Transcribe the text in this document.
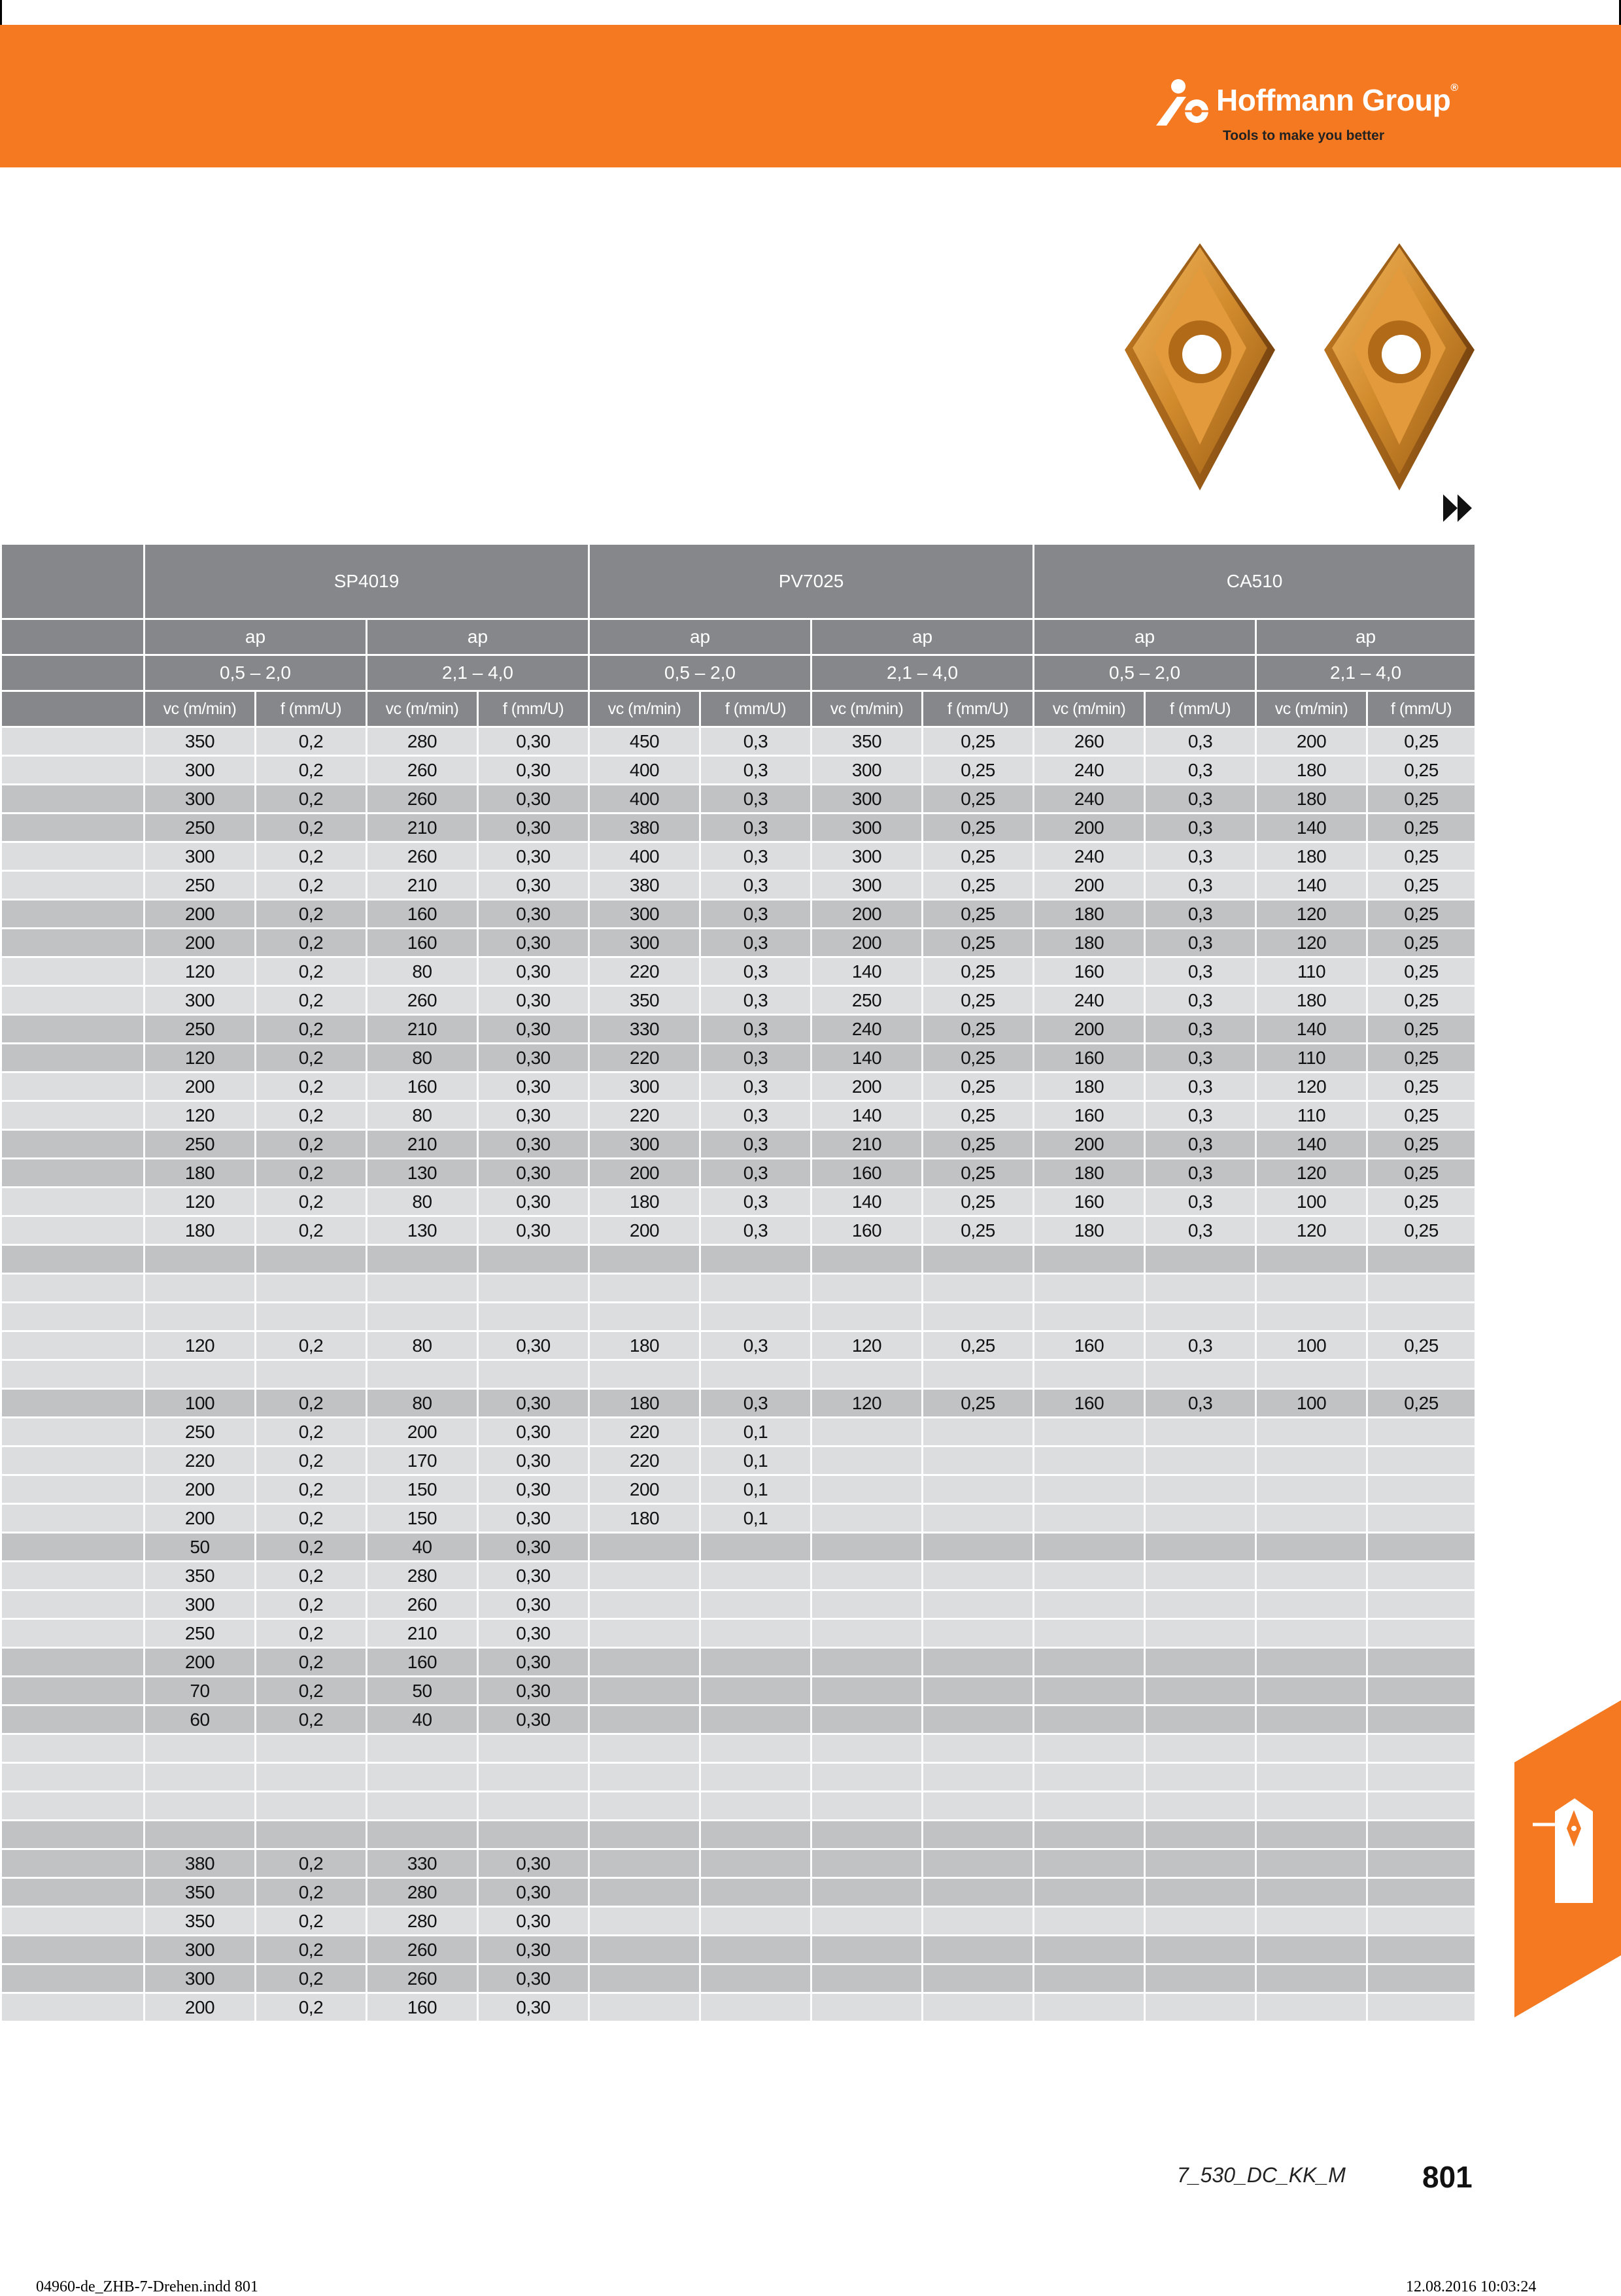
Hoffmann Group®
Tools to make you better
	SP4019				PV7025				CA510			
	ap		ap		ap		ap		ap		ap	
	0,5 – 2,0		2,1 – 4,0		0,5 – 2,0		2,1 – 4,0		0,5 – 2,0		2,1 – 4,0	
	vc (m/min)	f (mm/U)	vc (m/min)	f (mm/U)	vc (m/min)	f (mm/U)	vc (m/min)	f (mm/U)	vc (m/min)	f (mm/U)	vc (m/min)	f (mm/U)
	350	0,2	280	0,30	450	0,3	350	0,25	260	0,3	200	0,25
	300	0,2	260	0,30	400	0,3	300	0,25	240	0,3	180	0,25
	300	0,2	260	0,30	400	0,3	300	0,25	240	0,3	180	0,25
	250	0,2	210	0,30	380	0,3	300	0,25	200	0,3	140	0,25
	300	0,2	260	0,30	400	0,3	300	0,25	240	0,3	180	0,25
	250	0,2	210	0,30	380	0,3	300	0,25	200	0,3	140	0,25
	200	0,2	160	0,30	300	0,3	200	0,25	180	0,3	120	0,25
	200	0,2	160	0,30	300	0,3	200	0,25	180	0,3	120	0,25
	120	0,2	80	0,30	220	0,3	140	0,25	160	0,3	110	0,25
	300	0,2	260	0,30	350	0,3	250	0,25	240	0,3	180	0,25
	250	0,2	210	0,30	330	0,3	240	0,25	200	0,3	140	0,25
	120	0,2	80	0,30	220	0,3	140	0,25	160	0,3	110	0,25
	200	0,2	160	0,30	300	0,3	200	0,25	180	0,3	120	0,25
	120	0,2	80	0,30	220	0,3	140	0,25	160	0,3	110	0,25
	250	0,2	210	0,30	300	0,3	210	0,25	200	0,3	140	0,25
	180	0,2	130	0,30	200	0,3	160	0,25	180	0,3	120	0,25
	120	0,2	80	0,30	180	0,3	140	0,25	160	0,3	100	0,25
	180	0,2	130	0,30	200	0,3	160	0,25	180	0,3	120	0,25

	120	0,2	80	0,30	180	0,3	120	0,25	160	0,3	100	0,25

	100	0,2	80	0,30	180	0,3	120	0,25	160	0,3	100	0,25
	250	0,2	200	0,30	220	0,1						
	220	0,2	170	0,30	220	0,1						
	200	0,2	150	0,30	200	0,1						
	200	0,2	150	0,30	180	0,1						
	50	0,2	40	0,30								
	350	0,2	280	0,30								
	300	0,2	260	0,30								
	250	0,2	210	0,30								
	200	0,2	160	0,30								
	70	0,2	50	0,30								
	60	0,2	40	0,30								

	380	0,2	330	0,30								
	350	0,2	280	0,30								
	350	0,2	280	0,30								
	300	0,2	260	0,30								
	300	0,2	260	0,30								
	200	0,2	160	0,30								
7_530_DC_KK_M	801
04960-de_ZHB-7-Drehen.indd 801	12.08.2016 10:03:24
